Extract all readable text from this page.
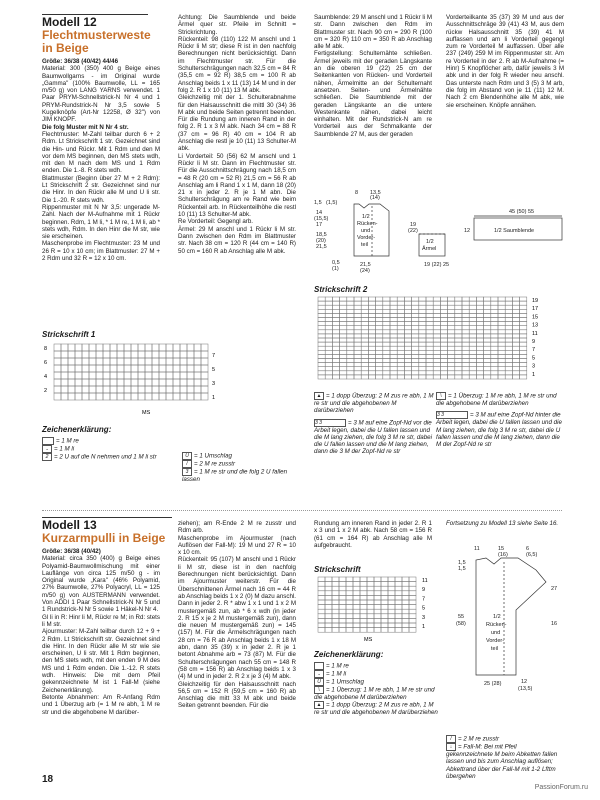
Modell 12
Flechtmusterweste
in Beige
Größe: 36/38 (40/42) 44/46
Material: 300 (350) 400 g Beige eines Baumwollgarns - im Original wurde „Gamma" (100% Baumwolle, LL = 165 m/50 g) von LANG YARNS verwendet. 1 Paar PRYM-Schnellstrick-N Nr 4 und 1 PRYM-Rundstrick-N Nr 3,5 sowie 5 Kugelknöpfe (Art-Nr 12258, Ø 32") von JIM KNOPF.
Die folg Muster mit N Nr 4 str.
Flechtmuster: M-Zahl teilbar durch 6 + 2 Rdm. Lt Strickschrift 1 str. Gezeichnet sind die Hin- und Rückr. Mit 1 Rdm und den M vor dem MS beginnen, den MS stets wdh, mit den M nach dem MS und 1 Rdm enden. Die 1.-8. R stets wdh.
Blattmuster (Beginn über 27 M + 2 Rdm): Lt Strickschrift 2 str. Gezeichnet sind nur die Hinr. In den Rückr alle M und U li str. Die 1.-20. R stets wdh.
Rippenmuster mit N Nr 3,5: ungerade M-Zahl. Nach der M-Aufnahme mit 1 Rückr beginnen. Rdm, 1 M li, * 1 M re, 1 M li, ab * stets wdh, Rdm. In den Hinr die M str, wie sie erscheinen.
Maschenprobe im Flechtmuster: 23 M und 26 R = 10 x 10 cm; im Blattmuster: 27 M + 2 Rdm und 32 R = 12 x 10 cm.
Achtung: Die Saumblende und beide Ärmel quer str. Pfeile im Schnitt = Strickrichtung.
Rückenteil: 98 (110) 122 M anschl und 1 Rückr li M str; diese R ist in den nachfolg Berechnungen nicht berücksichtigt. Dann im Flechtmuster str. Für die Schulterschrägungen nach 32,5 cm = 84 R (35,5 cm = 92 R) 38,5 cm = 100 R ab Anschlag beids 1 x 11 (13) 14 M und in der folg 2. R 1 x 10 (11) 13 M abk.
Gleichzeitig mit der 1. Schulterabnahme für den Halsausschnitt die mittl 30 (34) 36 M abk und beide Seiten getrennt beenden. Für die Rundung am inneren Rand in der folg 2. R 1 x 3 M abk. Nach 34 cm = 88 R (37 cm = 96 R) 40 cm = 104 R ab Anschlag die restl je 10 (11) 13 Schulter-M abk.
Li Vorderteil: 50 (56) 62 M anschl und 1 Rückr li M str. Dann im Flechtmuster str. Für die Ausschnittschrägung nach 18,5 cm = 48 R (20 cm = 52 R) 21,5 cm = 56 R ab Anschlag am li Rand 1 x 1 M, dann 18 (20) 21 x in jeder 2. R je 1 M abn. Die Schulterschrägung am re Rand wie beim Rückenteil arb. In Rückenteilhöhe die restl 10 (11) 13 Schulter-M abk.
Re Vorderteil: Gegengl arb.
Ärmel: 29 M anschl und 1 Rückr li M str. Dann zwischen den Rdm im Blattmuster str. Nach 38 cm = 120 R (44 cm = 140 R) 50 cm = 160 R ab Anschlag alle M abk.
Saumblende: 29 M anschl und 1 Rückr li M str. Dann zwischen den Rdm im Blattmuster str. Nach 90 cm = 290 R (100 cm = 320 R) 110 cm = 350 R ab Anschlag alle M abk.
Fertigstellung: Schulternähte schließen. Ärmel jeweils mit der geraden Längskante an die oberen 19 (22) 25 cm der Seitenkanten von Rücken- und Vorderteil nähen, Ärmelmitte an der Schulternaht ansetzen. Seiten- und Ärmelnähte schließen. Die Saumblende mit der geraden Längskante an die untere Westenkante nähen, dabei leicht einhalten. Mit der Rundstrick-N am re Vorderteil aus der Schmalkante der Saumblende 27 M, aus der geraden
Vorderteilkante 35 (37) 39 M und aus der Ausschnittschräge 39 (41) 43 M, aus dem rückw Halsausschnitt 35 (39) 41 M auffassen und am li Vorderteil gegengl zum re Vorderteil M auffassen. Über alle 237 (249) 259 M im Rippenmuster str. Am re Vorderteil in der 2. R ab M-Aufnahme (= Hinr) 5 Knopflöcher arb, dafür jeweils 3 M abk und in der folg R wieder neu anschl. Das unterste nach Rdm und 3 (5) 3 M arb, die folg im Abstand von je 11 (11) 12 M. Nach 2 cm Blendenhöhe alle M abk, wie sie erscheinen. Knöpfe annähen.
8 13,5
(14)
1,5 (1,5)
14
(15,5)
17
18,5
(20)
21,5
1/2
Rücken-
und
Vorder-
teil
21,5
(24)
0,5
(1)
1/2
Ärmel
19
(22)
19 (22) 25
45 (50) 55
12	1/2 Saumblende
Strickschrift 1
8
6
4
2
7
5
3
1
MS
Strickschrift 2
19
17
15
13
11
9
7
5
3
1
Zeichenerklärung:
= 1 M re
- = 1 M li
2 = 2 U auf die N nehmen und 1 M li str	U = 1 Umschlag
/ = 2 M re zusstr
3 = 1 M re str und die folg 2 U fallen lassen
▲ = 1 dopp Überzug: 2 M zus re abh, 1 M re str und die abgehobenen M darüberziehen
3 3	= 3 M auf eine Zopf-Nd vor die Arbeit legen, dabei die U fallen lassen und die M lang ziehen, die folg 3 M re str, dabei die U fallen lassen und die M lang ziehen, dann die 3 M der Zopf-Nd re str
\ = 1 Überzug: 1 M re abh, 1 M re str und die abgehobene M darüberziehen
3 3	= 3 M auf eine Zopf-Nd hinter die Arbeit legen, dabei die U fallen lassen und die M lang ziehen, die folg 3 M re str, dabei die U fallen lassen und die M lang ziehen, dann die M der Zopf-Nd re str
Modell 13
Kurzarmpulli in Beige
Größe: 36/38 (40/42)
Material: circa 350 (400) g Beige eines Polyamid-Baumwollmischung mit einer Lauflänge von circa 125 m/50 g - im Original wurde „Kara" (46% Polyamid, 27% Baumwolle, 27% Polyacryl, LL = 125 m/50 g) von AUSTERMANN verwendet. Von ADDI 1 Paar Schnellstrick-N Nr 5 und 1 Rundstrick-N Nr 5 sowie 1 Häkel-N Nr 4.
Gl li in R: Hinr li M, Rückr re M; in Rd: stets li M str.
Ajourmuster: M-Zahl teilbar durch 12 + 9 + 2 Rdm. Lt Strickschrift str. Gezeichnet sind die Hinr. In den Rückr alle M str wie sie erscheinen, U li str. Mit 1 Rdm beginnen, den MS stets wdh, mit den enden 9 M des MS und 1 Rdm enden. Die 1.-12. R stets wdh. Hinweis: Die mit dem Pfeil gekennzeichnete M ist 1 Fall-M (siehe Zeichenerklärung).
Betonte Abnahmen: Am R-Anfang Rdm und 1 Überzug arb (= 1 M re abh, 1 M re str und die abgehobene M darüber-
ziehen); am R-Ende 2 M re zusstr und Rdm arb.
Maschenprobe im Ajourmuster (nach Auflösen der Fall-M): 19 M und 27 R = 10 x 10 cm.
Rückenteil: 95 (107) M anschl und 1 Rückr li M str, diese ist in den nachfolg Berechnungen nicht berücksichtigt. Dann im Ajourmuster weiterstr. Für die Überschnittenen Ärmel nach 16 cm = 44 R ab Anschlag beids 1 x 2 (0) M dazu anschl. Dann in jeder 2. R * abw 1 x 1 und 1 x 2 M mustergemäß zun, ab * 6 x wdh (in jeder 2. R 15 x je 2 M mustergemäß zun), dann die neuen M mustergemäß zun) = 145 (157) M. Für die Ärmelschrägungen nach 28 cm = 76 R ab Anschlag beids 1 x 18 M abn, dann 35 (39) x in jeder 2. R je 1 betont Abnahme arb = 73 (87) M. Für die Schulterschrägungen nach 55 cm = 148 R (58 cm = 156 R) ab Anschlag beids 1 x 3 (4) M und in jeder 2. R 2 x je 3 (4) M abk.
Gleichzeitig für den Halsausschnitt nach 56,5 cm = 152 R (59,5 cm = 160 R) ab Anschlag die mitt 33 M abk und beide Seiten getrennt beenden. Für die
Rundung am inneren Rand in jeder 2. R 1 x 3 und 1 x 2 M abk. Nach 58 cm = 156 R (61 cm = 164 R) ab Anschlag alle M aufgebraucht.
Fortsetzung zu Modell 13 siehe Seite 16.
Strickschrift
11
9
7
5
3
1
MS
Zeichenerklärung:
= 1 M re
- = 1 M li
U = 1 Umschlag
\ = 1 Überzug: 1 M re abh, 1 M re str und die abgehobene M darüberziehen
▲ = 1 dopp Überzug: 2 M zus re abh, 1 M re str und die abgehobenen M darüberziehen
/ = 2 M re zusstr
↓ = Fall-M: Bei mit Pfeil gekennzeichnete M beim Abketten fallen lassen und bis zum Anschlag auflösen; Abkettrand über der Fall-M mit 1-2 Lfttm übergehen
11	15	6
(16)	(6,5)
1,5
1,5
55
(58)
1/2
Rücken-
und
Vorder-
teil
27
16
25 (28)	12
(13,5)
18
PassionForum.ru
